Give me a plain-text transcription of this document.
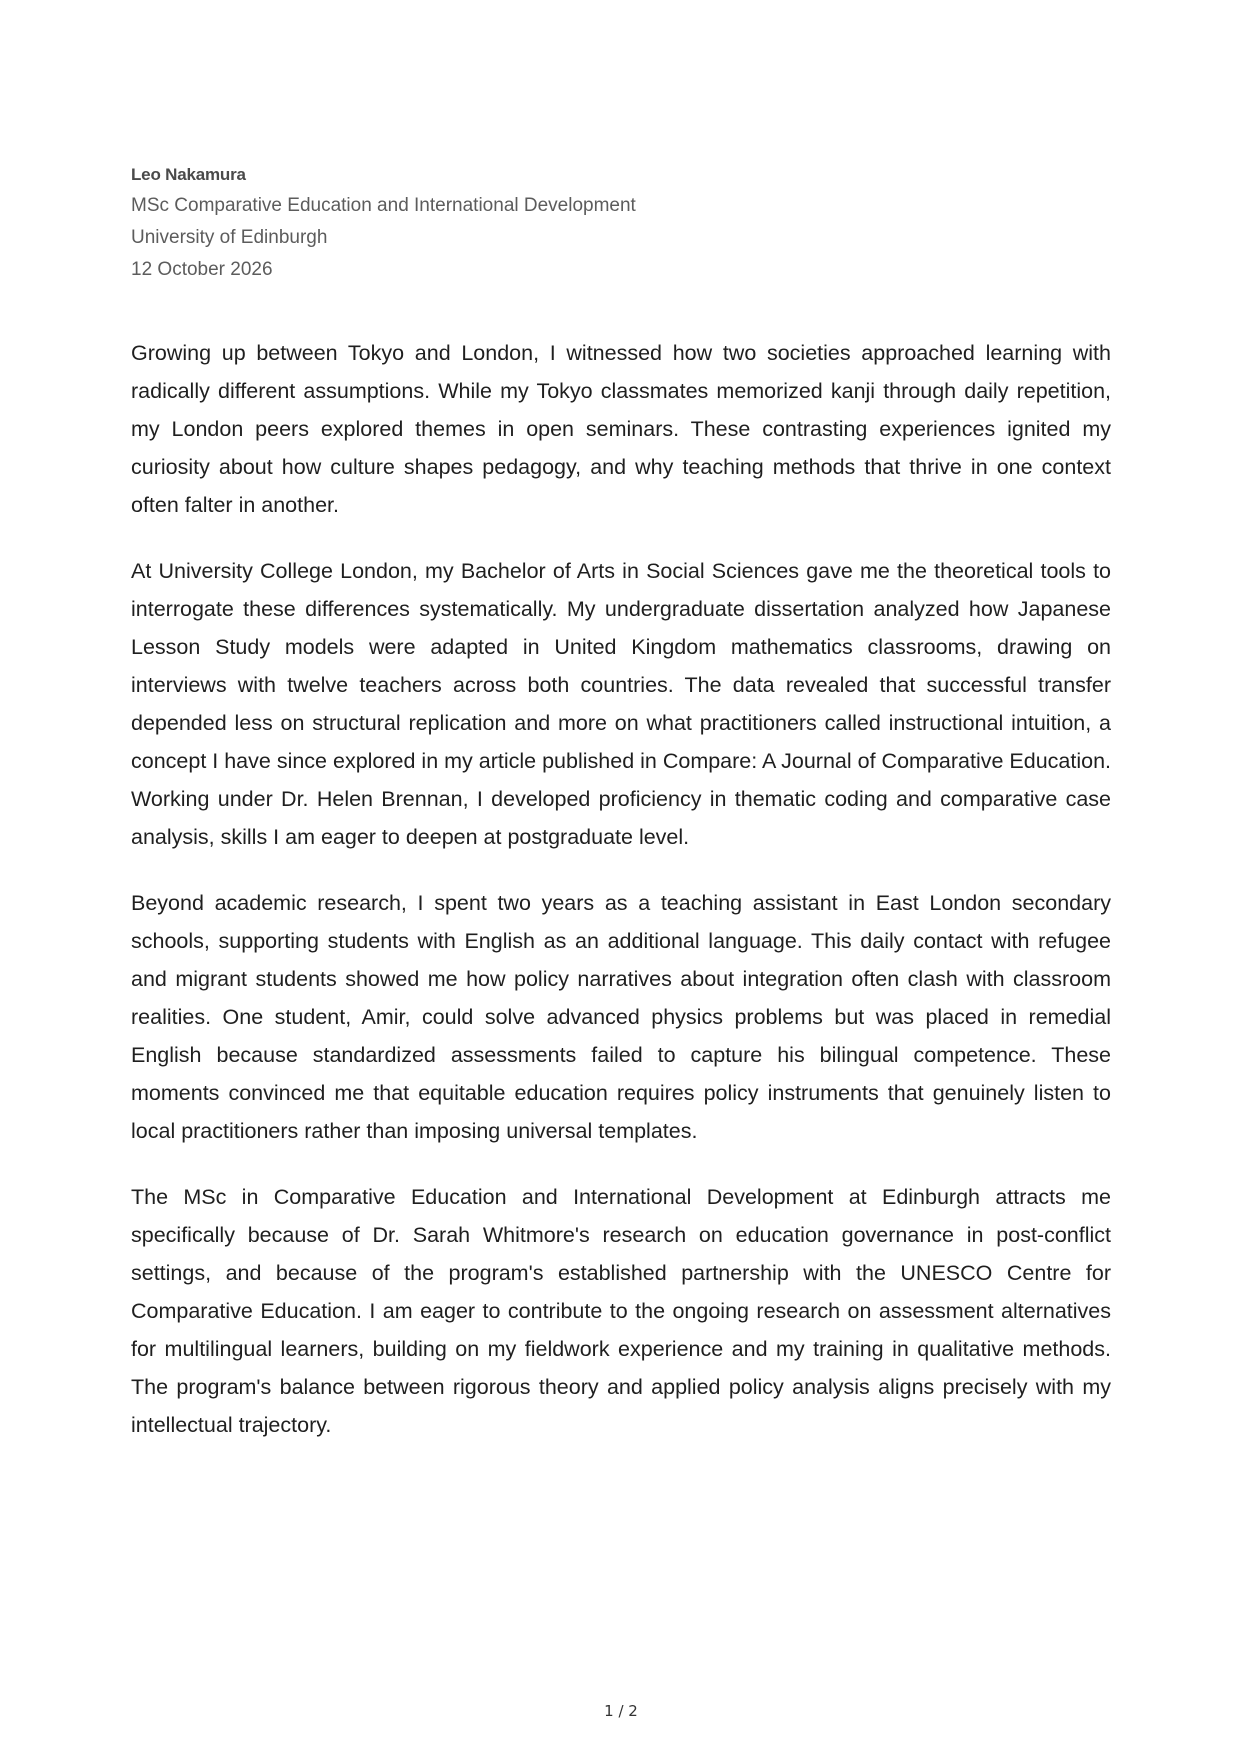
Leo Nakamura
MSc Comparative Education and International Development
University of Edinburgh
12 October 2026

Growing up between Tokyo and London, I witnessed how two societies approached learning with radically different assumptions. While my Tokyo classmates memorized kanji through daily repetition, my London peers explored themes in open seminars. These contrasting experiences ignited my curiosity about how culture shapes pedagogy, and why teaching methods that thrive in one context often falter in another.

At University College London, my Bachelor of Arts in Social Sciences gave me the theoretical tools to interrogate these differences systematically. My undergraduate dissertation analyzed how Japanese Lesson Study models were adapted in United Kingdom mathematics classrooms, drawing on interviews with twelve teachers across both countries. The data revealed that successful transfer depended less on structural replication and more on what practitioners called instructional intuition, a concept I have since explored in my article published in Compare: A Journal of Comparative Education. Working under Dr. Helen Brennan, I developed proficiency in thematic coding and comparative case analysis, skills I am eager to deepen at postgraduate level.

Beyond academic research, I spent two years as a teaching assistant in East London secondary schools, supporting students with English as an additional language. This daily contact with refugee and migrant students showed me how policy narratives about integration often clash with classroom realities. One student, Amir, could solve advanced physics problems but was placed in remedial English because standardized assessments failed to capture his bilingual competence. These moments convinced me that equitable education requires policy instruments that genuinely listen to local practitioners rather than imposing universal templates.

The MSc in Comparative Education and International Development at Edinburgh attracts me specifically because of Dr. Sarah Whitmore's research on education governance in post-conflict settings, and because of the program's established partnership with the UNESCO Centre for Comparative Education. I am eager to contribute to the ongoing research on assessment alternatives for multilingual learners, building on my fieldwork experience and my training in qualitative methods. The program's balance between rigorous theory and applied policy analysis aligns precisely with my intellectual trajectory.

1 / 2
